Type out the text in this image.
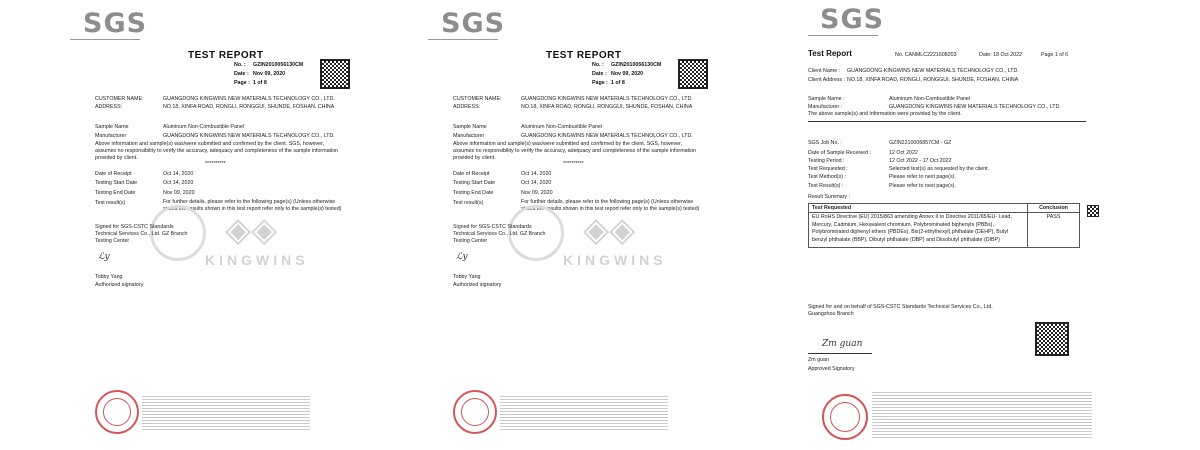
SGS
TEST REPORT
No. : GZIN2010056130CM
Date : Nov 09, 2020
Page : 1 of 8
CUSTOMER NAME:	GUANGDONG KINGWINS NEW MATERIALS TECHNOLOGY CO., LTD.
ADDRESS:	NO.18, XINFA ROAD, RONGLI, RONGGUI, SHUNDE, FOSHAN, CHINA
Sample Name	Aluminum Non-Combustible Panel
Manufacturer	GUANGDONG KINGWINS NEW MATERIALS TECHNOLOGY CO., LTD.
Above information and sample(s) was/were submitted and confirmed by the client. SGS, however, assumes no responsibility to verify the accuracy, adequacy and completeness of the sample information provided by client.
**********
Date of Receipt	Oct 14, 2020
Testing Start Date	Oct 14, 2020
Testing End Date	Nov 09, 2020
Test result(s)	For further details, please refer to the following page(s) (Unless otherwise stated the results shown in this test report refer only to the sample(s) tested)
◈◈
KINGWINS
Signed for SGS-CSTC Standards Technical Services Co., Ltd. GZ Branch Testing Center
ℒy
Tobby Yang
Authorized signatory
SGS
TEST REPORT
No. : GZIN2010056130CM
Date : Nov 09, 2020
Page : 1 of 8
CUSTOMER NAME:	GUANGDONG KINGWINS NEW MATERIALS TECHNOLOGY CO., LTD.
ADDRESS:	NO.18, XINFA ROAD, RONGLI, RONGGUI, SHUNDE, FOSHAN, CHINA
Sample Name	Aluminum Non-Combustible Panel
Manufacturer	GUANGDONG KINGWINS NEW MATERIALS TECHNOLOGY CO., LTD.
Above information and sample(s) was/were submitted and confirmed by the client. SGS, however, assumes no responsibility to verify the accuracy, adequacy and completeness of the sample information provided by client.
**********
Date of Receipt	Oct 14, 2020
Testing Start Date	Oct 14, 2020
Testing End Date	Nov 09, 2020
Test result(s)	For further details, please refer to the following page(s) (Unless otherwise stated the results shown in this test report refer only to the sample(s) tested)
◈◈
KINGWINS
Signed for SGS-CSTC Standards Technical Services Co., Ltd. GZ Branch Testing Center
ℒy
Tobby Yang
Authorized signatory
SGS
Test Report	No. CANMLC2221608203	Date: 18 Oct 2022	Page 1 of 6
Client Name : GUANGDONG KINGWINS NEW MATERIALS TECHNOLOGY CO., LTD.
Client Address : NO.18, XINFA ROAD, RONGLI, RONGGUI, SHUNDE, FOSHAN, CHINA
Sample Name :	Aluminum Non-Combustible Panel
Manufacturer :	GUANGDONG KINGWINS NEW MATERIALS TECHNOLOGY CO., LTD.
The above sample(s) and information were provided by the client.
SGS Job No. :	GZIN2210006857CM - GZ
Date of Sample Received :	12 Oct 2022
Testing Period :	12 Oct 2022 - 17 Oct 2022
Test Requested :	Selected test(s) as requested by the client.
Test Method(s) :	Please refer to next page(s).
Test Result(s) :	Please refer to next page(s).
Result Summary :
Test Requested	Conclusion
EU RoHS Directive (EU) 2015/863 amending Annex II to Directive 2011/65/EU- Lead, Mercury, Cadmium, Hexavalent chromium, Polybrominated biphenyls (PBBs), Polybrominated diphenyl ethers (PBDEs), Bis(2-ethylhexyl) phthalate (DEHP), Butyl benzyl phthalate (BBP), Dibutyl phthalate (DBP) and Diisobutyl phthalate (DIBP)	PASS
Signed for and on behalf of SGS-CSTC Standards Technical Services Co., Ltd. Guangzhou Branch
Zm guan
Zm guan
Approved Signatory
